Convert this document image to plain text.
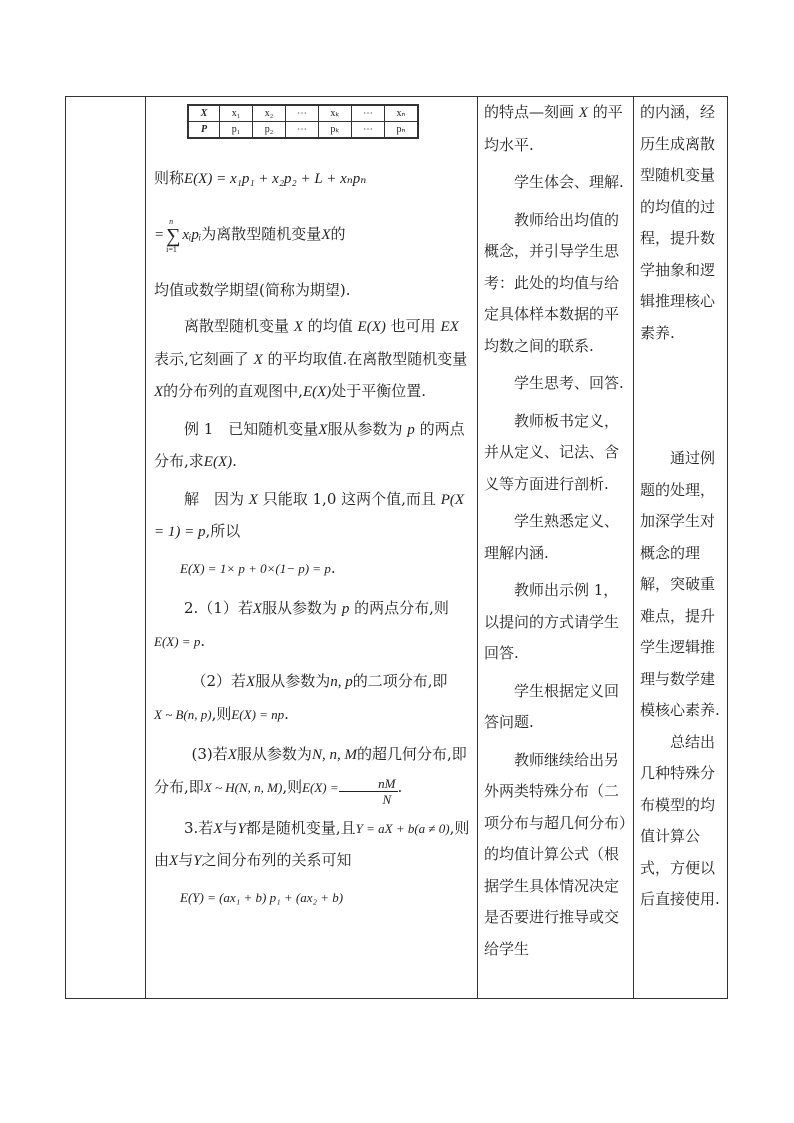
X	x₁	x₂	⋯	xₖ	⋯	xₙ
P	p₁	p₂	⋯	pₖ	⋯	pₙ

则称E(X) = x₁p₁ + x₂p₂ + L + xₙpₙ

= ∑
n
i=1
xᵢpᵢ为离散型随机变量X的

均值或数学期望(简称为期望).

离散型随机变量 X 的均值 E(X) 也可用 EX表示,它刻画了 X 的平均取值.在离散型随机变量X的分布列的直观图中,E(X)处于平衡位置.

例 1　已知随机变量X服从参数为 p 的两点分布,求E(X).

解　因为 X 只能取 1,0 这两个值,而且 P(X = 1) = p,所以

E(X) = 1× p + 0×(1− p) = p.

2.（1）若X服从参数为 p 的两点分布,则
E(X) = p.

（2）若X服从参数为n, p的二项分布,即
X ~ B(n, p),则E(X) = np.

(3)若X服从参数为N, n, M的超几何分布,即
分布,即X ~ H(N, n, M),则$E(X) = \frac{nM}{N}$ .

3.若X与Y都是随机变量,且Y = aX + b(a ≠ 0),则由X与Y之间分布列的关系可知

E(Y) = (ax₁ + b) p₁ + (ax₂ + b)

的特点—刻画 X 的平均水平.

学生体会、理解.

教师给出均值的概念，并引导学生思考：此处的均值与给定具体样本数据的平均数之间的联系.

学生思考、回答.

教师板书定义，并从定义、记法、含义等方面进行剖析.

学生熟悉定义、理解内涵.

教师出示例 1，以提问的方式请学生回答.

学生根据定义回答问题.

教师继续给出另外两类特殊分布（二项分布与超几何分布）的均值计算公式（根据学生具体情况决定是否要进行推导或交给学生

的内涵，经历生成离散型随机变量的均值的过程，提升数学抽象和逻辑推理核心素养.

通过例题的处理，加深学生对概念的理解，突破重难点，提升学生逻辑推理与数学建模核心素养.

总结出几种特殊分布模型的均值计算公式，方便以后直接使用.
